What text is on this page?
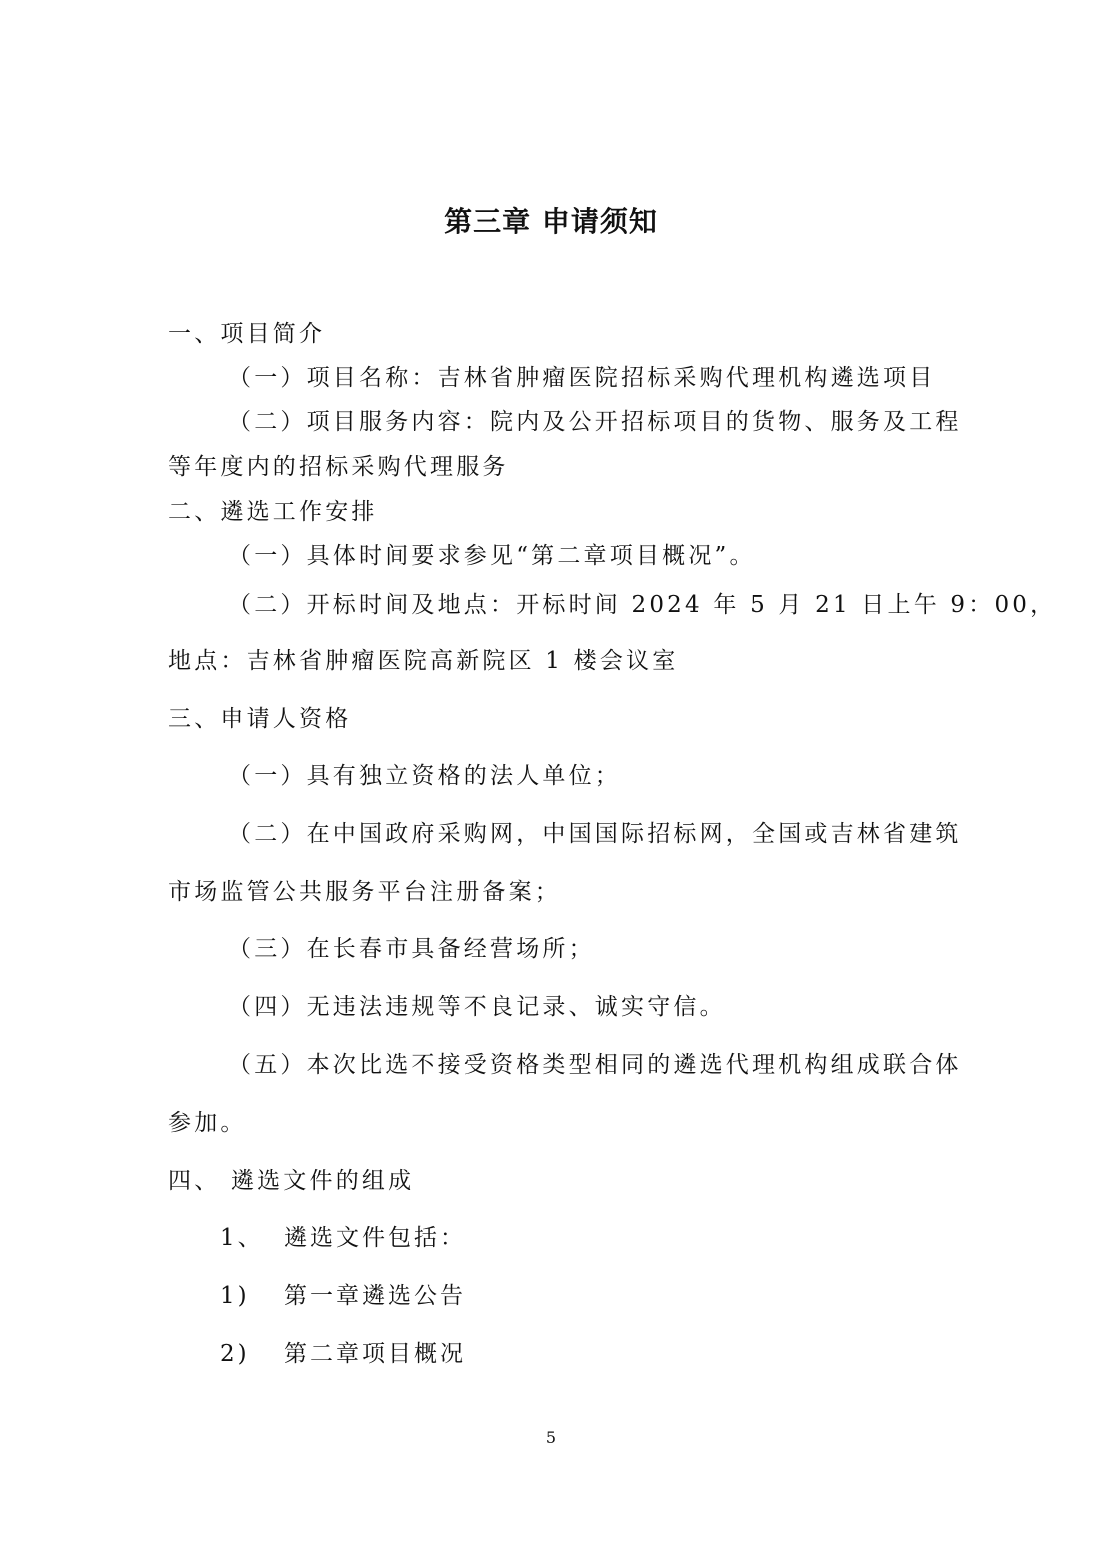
第三章 申请须知
一、项目简介
（一）项目名称：吉林省肿瘤医院招标采购代理机构遴选项目
（二）项目服务内容：院内及公开招标项目的货物、服务及工程
等年度内的招标采购代理服务
二、遴选工作安排
（一）具体时间要求参见“第二章项目概况”。
（二）开标时间及地点：开标时间 2024 年 5 月 21 日上午 9：00，
地点：吉林省肿瘤医院高新院区 1 楼会议室
三、申请人资格
（一）具有独立资格的法人单位；
（二）在中国政府采购网，中国国际招标网，全国或吉林省建筑
市场监管公共服务平台注册备案；
（三）在长春市具备经营场所；
（四）无违法违规等不良记录、诚实守信。
（五）本次比选不接受资格类型相同的遴选代理机构组成联合体
参加。
四、 遴选文件的组成
1、 遴选文件包括：
1) 第一章遴选公告
2) 第二章项目概况
5
